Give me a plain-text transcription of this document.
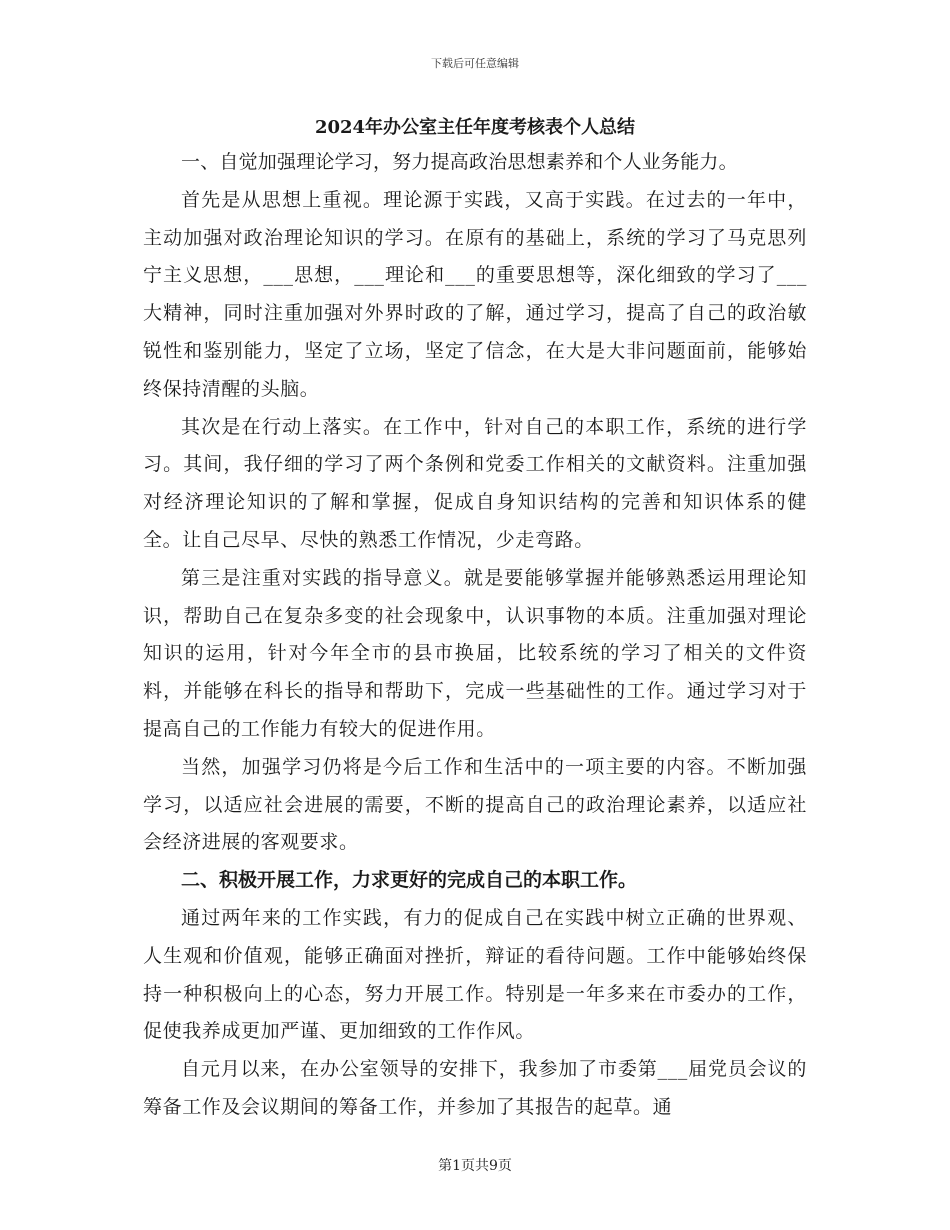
下载后可任意编辑
2024年办公室主任年度考核表个人总结

一、自觉加强理论学习，努力提高政治思想素养和个人业务能力。

首先是从思想上重视。理论源于实践，又高于实践。在过去的一年中，主动加强对政治理论知识的学习。在原有的基础上，系统的学习了马克思列宁主义思想，___思想，___理论和___的重要思想等，深化细致的学习了___大精神，同时注重加强对外界时政的了解，通过学习，提高了自己的政治敏锐性和鉴别能力，坚定了立场，坚定了信念，在大是大非问题面前，能够始终保持清醒的头脑。

其次是在行动上落实。在工作中，针对自己的本职工作，系统的进行学习。其间，我仔细的学习了两个条例和党委工作相关的文献资料。注重加强对经济理论知识的了解和掌握，促成自身知识结构的完善和知识体系的健全。让自己尽早、尽快的熟悉工作情况，少走弯路。

第三是注重对实践的指导意义。就是要能够掌握并能够熟悉运用理论知识，帮助自己在复杂多变的社会现象中，认识事物的本质。注重加强对理论知识的运用，针对今年全市的县市换届，比较系统的学习了相关的文件资料，并能够在科长的指导和帮助下，完成一些基础性的工作。通过学习对于提高自己的工作能力有较大的促进作用。

当然，加强学习仍将是今后工作和生活中的一项主要的内容。不断加强学习，以适应社会进展的需要，不断的提高自己的政治理论素养，以适应社会经济进展的客观要求。

二、积极开展工作，力求更好的完成自己的本职工作。

通过两年来的工作实践，有力的促成自己在实践中树立正确的世界观、人生观和价值观，能够正确面对挫折，辩证的看待问题。工作中能够始终保持一种积极向上的心态，努力开展工作。特别是一年多来在市委办的工作，促使我养成更加严谨、更加细致的工作作风。

自元月以来，在办公室领导的安排下，我参加了市委第___届党员会议的筹备工作及会议期间的筹备工作，并参加了其报告的起草。通

第1页共9页
